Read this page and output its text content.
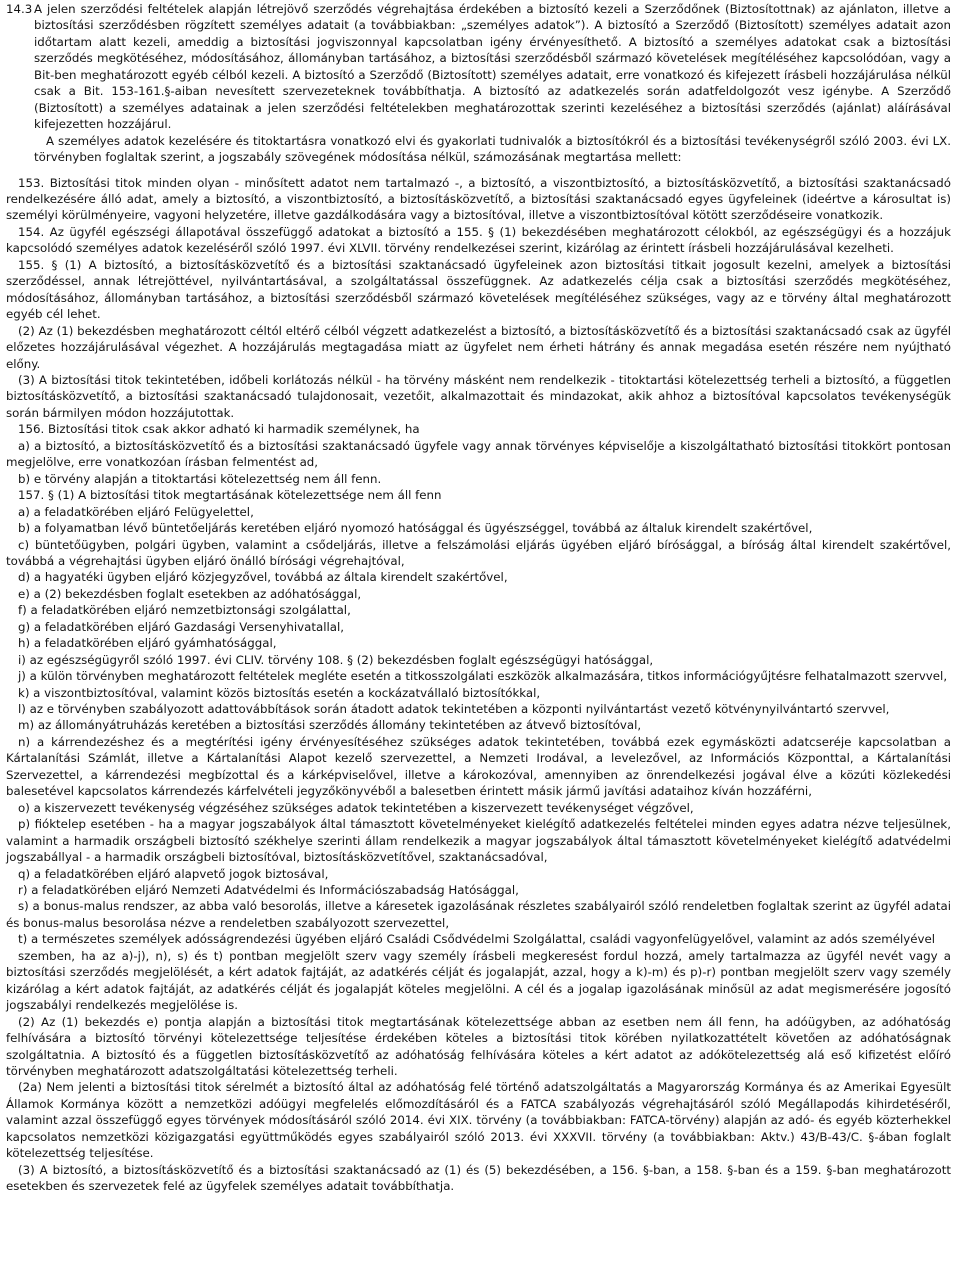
14.3 A jelen szerződési feltételek alapján létrejövő szerződés végrehajtása érdekében a biztosító kezeli a Szerződőnek (Biztosítottnak) az ajánlaton, illetve a biztosítási szerződésben rögzített személyes adatait (a továbbiakban: „személyes adatok”). A biztosító a Szerződő (Biztosított) személyes adatait azon időtartam alatt kezeli, ameddig a biztosítási jogviszonnyal kapcsolatban igény érvényesíthető. A biztosító a személyes adatokat csak a biztosítási szerződés megkötéséhez, módosításához, állományban tartásához, a biztosítási szerződésből származó követelések megítéléséhez kapcsolódóan, vagy a Bit-ben meghatározott egyéb célból kezeli. A biztosító a Szerződő (Biztosított) személyes adatait, erre vonatkozó és kifejezett írásbeli hozzájárulása nélkül csak a Bit. 153-161.§-aiban nevesített szervezeteknek továbbíthatja. A biztosító az adatkezelés során adatfeldolgozót vesz igénybe. A Szerződő (Biztosított) a személyes adatainak a jelen szerződési feltételekben meghatározottak szerinti kezeléséhez a biztosítási szerződés (ajánlat) aláírásával kifejezetten hozzájárul.

A személyes adatok kezelésére és titoktartásra vonatkozó elvi és gyakorlati tudnivalók a biztosítókról és a biztosítási tevékenységről szóló 2003. évi LX. törvényben foglaltak szerint, a jogszabály szövegének módosítása nélkül, számozásának megtartása mellett:

153. Biztosítási titok minden olyan - minősített adatot nem tartalmazó -, a biztosító, a viszontbiztosító, a biztosításközvetítő, a biztosítási szaktanácsadó rendelkezésére álló adat, amely a biztosító, a viszontbiztosító, a biztosításközvetítő, a biztosítási szaktanácsadó egyes ügyfeleinek (ideértve a károsultat is) személyi körülményeire, vagyoni helyzetére, illetve gazdálkodására vagy a biztosítóval, illetve a viszontbiztosítóval kötött szerződéseire vonatkozik.

154. Az ügyfél egészségi állapotával összefüggő adatokat a biztosító a 155. § (1) bekezdésében meghatározott célokból, az egészségügyi és a hozzájuk kapcsolódó személyes adatok kezeléséről szóló 1997. évi XLVII. törvény rendelkezései szerint, kizárólag az érintett írásbeli hozzájárulásával kezelheti.

155. § (1) A biztosító, a biztosításközvetítő és a biztosítási szaktanácsadó ügyfeleinek azon biztosítási titkait jogosult kezelni, amelyek a biztosítási szerződéssel, annak létrejöttével, nyilvántartásával, a szolgáltatással összefüggnek. Az adatkezelés célja csak a biztosítási szerződés megkötéséhez, módosításához, állományban tartásához, a biztosítási szerződésből származó követelések megítéléséhez szükséges, vagy az e törvény által meghatározott egyéb cél lehet.

(2) Az (1) bekezdésben meghatározott céltól eltérő célból végzett adatkezelést a biztosító, a biztosításközvetítő és a biztosítási szaktanácsadó csak az ügyfél előzetes hozzájárulásával végezhet. A hozzájárulás megtagadása miatt az ügyfelet nem érheti hátrány és annak megadása esetén részére nem nyújtható előny.

(3) A biztosítási titok tekintetében, időbeli korlátozás nélkül - ha törvény másként nem rendelkezik - titoktartási kötelezettség terheli a biztosító, a független biztosításközvetítő, a biztosítási szaktanácsadó tulajdonosait, vezetőit, alkalmazottait és mindazokat, akik ahhoz a biztosítóval kapcsolatos tevékenységük során bármilyen módon hozzájutottak.

156. Biztosítási titok csak akkor adható ki harmadik személynek, ha

a) a biztosító, a biztosításközvetítő és a biztosítási szaktanácsadó ügyfele vagy annak törvényes képviselője a kiszolgáltatható biztosítási titokkört pontosan megjelölve, erre vonatkozóan írásban felmentést ad,

b) e törvény alapján a titoktartási kötelezettség nem áll fenn.

157. § (1) A biztosítási titok megtartásának kötelezettsége nem áll fenn

a) a feladatkörében eljáró Felügyelettel,

b) a folyamatban lévő büntetőeljárás keretében eljáró nyomozó hatósággal és ügyészséggel, továbbá az általuk kirendelt szakértővel,

c) büntetőügyben, polgári ügyben, valamint a csődeljárás, illetve a felszámolási eljárás ügyében eljáró bírósággal, a bíróság által kirendelt szakértővel, továbbá a végrehajtási ügyben eljáró önálló bírósági végrehajtóval,

d) a hagyatéki ügyben eljáró közjegyzővel, továbbá az általa kirendelt szakértővel,

e) a (2) bekezdésben foglalt esetekben az adóhatósággal,

f) a feladatkörében eljáró nemzetbiztonsági szolgálattal,

g) a feladatkörében eljáró Gazdasági Versenyhivatallal,

h) a feladatkörében eljáró gyámhatósággal,

i) az egészségügyről szóló 1997. évi CLIV. törvény 108. § (2) bekezdésben foglalt egészségügyi hatósággal,

j) a külön törvényben meghatározott feltételek megléte esetén a titkosszolgálati eszközök alkalmazására, titkos információgyűjtésre felhatalmazott szervvel,

k) a viszontbiztosítóval, valamint közös biztosítás esetén a kockázatvállaló biztosítókkal,

l) az e törvényben szabályozott adattovábbítások során átadott adatok tekintetében a központi nyilvántartást vezető kötvénynyilvántartó szervvel,

m) az állományátruházás keretében a biztosítási szerződés állomány tekintetében az átvevő biztosítóval,

n) a kárrendezéshez és a megtérítési igény érvényesítéséhez szükséges adatok tekintetében, továbbá ezek egymásközti adatcseréje kapcsolatban a Kártalanítási Számlát, illetve a Kártalanítási Alapot kezelő szervezettel, a Nemzeti Irodával, a levelezővel, az Információs Központtal, a Kártalanítási Szervezettel, a kárrendezési megbízottal és a kárképviselővel, illetve a károkozóval, amennyiben az önrendelkezési jogával élve a közúti közlekedési balesetével kapcsolatos kárrendezés kárfelvételi jegyzőkönyvéből a balesetben érintett másik jármű javítási adataihoz kíván hozzáférni,

o) a kiszervezett tevékenység végzéséhez szükséges adatok tekintetében a kiszervezett tevékenységet végzővel,

p) fióktelep esetében - ha a magyar jogszabályok által támasztott követelményeket kielégítő adatkezelés feltételei minden egyes adatra nézve teljesülnek, valamint a harmadik országbeli biztosító székhelye szerinti állam rendelkezik a magyar jogszabályok által támasztott követelményeket kielégítő adatvédelmi jogszabállyal - a harmadik országbeli biztosítóval, biztosításközvetítővel, szaktanácsadóval,

q) a feladatkörében eljáró alapvető jogok biztosával,

r) a feladatkörében eljáró Nemzeti Adatvédelmi és Információszabadság Hatósággal,

s) a bonus-malus rendszer, az abba való besorolás, illetve a káresetek igazolásának részletes szabályairól szóló rendeletben foglaltak szerint az ügyfél adatai és bonus-malus besorolása nézve a rendeletben szabályozott szervezettel,

t) a természetes személyek adósságrendezési ügyében eljáró Családi Csődvédelmi Szolgálattal, családi vagyonfelügyelővel, valamint az adós személyével

szemben, ha az a)-j), n), s) és t) pontban megjelölt szerv vagy személy írásbeli megkeresést fordul hozzá, amely tartalmazza az ügyfél nevét vagy a biztosítási szerződés megjelölését, a kért adatok fajtáját, az adatkérés célját és jogalapját, azzal, hogy a k)-m) és p)-r) pontban megjelölt szerv vagy személy kizárólag a kért adatok fajtáját, az adatkérés célját és jogalapját köteles megjelölni. A cél és a jogalap igazolásának minősül az adat megismerésére jogosító jogszabályi rendelkezés megjelölése is.

(2) Az (1) bekezdés e) pontja alapján a biztosítási titok megtartásának kötelezettsége abban az esetben nem áll fenn, ha adóügyben, az adóhatóság felhívására a biztosító törvényi kötelezettsége teljesítése érdekében köteles a biztosítási titok körében nyilatkozattételt követően az adóhatóságnak szolgáltatnia. A biztosító és a független biztosításközvetítő az adóhatóság felhívására köteles a kért adatot az adókötelezettség alá eső kifizetést előíró törvényben meghatározott adatszolgáltatási kötelezettség terheli.

(2a) Nem jelenti a biztosítási titok sérelmét a biztosító által az adóhatóság felé történő adatszolgáltatás a Magyarország Kormánya és az Amerikai Egyesült Államok Kormánya között a nemzetközi adóügyi megfelelés előmozdításáról és a FATCA szabályozás végrehajtásáról szóló Megállapodás kihirdetéséről, valamint azzal összefüggő egyes törvények módosításáról szóló 2014. évi XIX. törvény (a továbbiakban: FATCA-törvény) alapján az adó- és egyéb közterhekkel kapcsolatos nemzetközi közigazgatási együttműködés egyes szabályairól szóló 2013. évi XXXVII. törvény (a továbbiakban: Aktv.) 43/B-43/C. §-ában foglalt kötelezettség teljesítése.

(3) A biztosító, a biztosításközvetítő és a biztosítási szaktanácsadó az (1) és (5) bekezdésében, a 156. §-ban, a 158. §-ban és a 159. §-ban meghatározott esetekben és szervezetek felé az ügyfelek személyes adatait továbbíthatja.
